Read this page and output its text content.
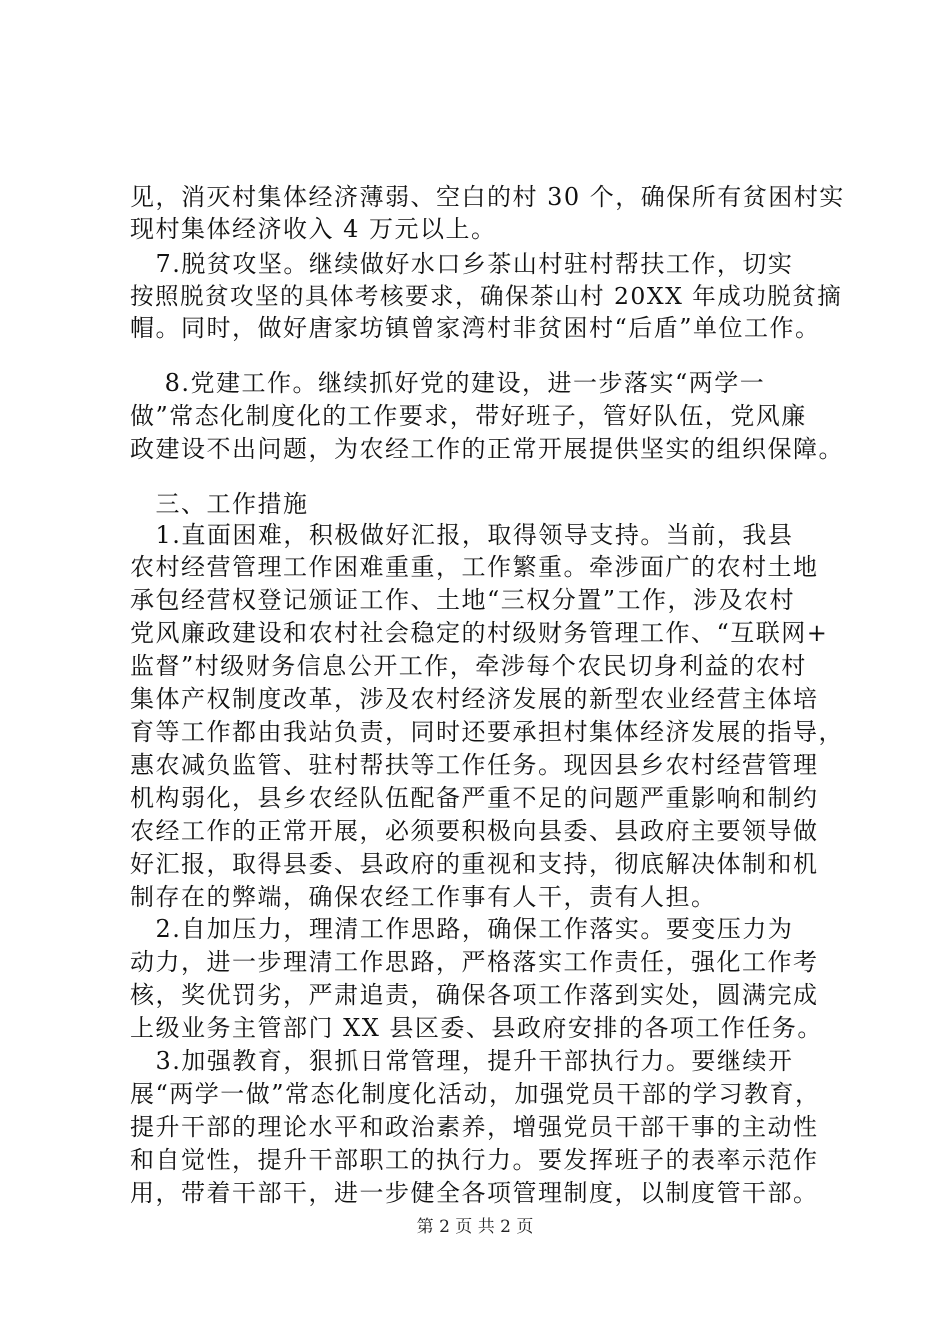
见，消灭村集体经济薄弱、空白的村 30 个，确保所有贫困村实
现村集体经济收入 4 万元以上。
　7.脱贫攻坚。继续做好水口乡茶山村驻村帮扶工作，切实
按照脱贫攻坚的具体考核要求，确保茶山村 20XX 年成功脱贫摘
帽。同时，做好唐家坊镇曾家湾村非贫困村“后盾”单位工作。
　 8.党建工作。继续抓好党的建设，进一步落实“两学一
做”常态化制度化的工作要求，带好班子，管好队伍，党风廉
政建设不出问题，为农经工作的正常开展提供坚实的组织保障。
　三、工作措施
　1.直面困难，积极做好汇报，取得领导支持。当前，我县
农村经营管理工作困难重重，工作繁重。牵涉面广的农村土地
承包经营权登记颁证工作、土地“三权分置”工作，涉及农村
党风廉政建设和农村社会稳定的村级财务管理工作、“互联网+
监督”村级财务信息公开工作，牵涉每个农民切身利益的农村
集体产权制度改革，涉及农村经济发展的新型农业经营主体培
育等工作都由我站负责，同时还要承担村集体经济发展的指导，
惠农减负监管、驻村帮扶等工作任务。现因县乡农村经营管理
机构弱化，县乡农经队伍配备严重不足的问题严重影响和制约
农经工作的正常开展，必须要积极向县委、县政府主要领导做
好汇报，取得县委、县政府的重视和支持，彻底解决体制和机
制存在的弊端，确保农经工作事有人干，责有人担。
　2.自加压力，理清工作思路，确保工作落实。要变压力为
动力，进一步理清工作思路，严格落实工作责任，强化工作考
核，奖优罚劣，严肃追责，确保各项工作落到实处，圆满完成
上级业务主管部门 XX 县区委、县政府安排的各项工作任务。
　3.加强教育，狠抓日常管理，提升干部执行力。要继续开
展“两学一做”常态化制度化活动，加强党员干部的学习教育，
提升干部的理论水平和政治素养，增强党员干部干事的主动性
和自觉性，提升干部职工的执行力。要发挥班子的表率示范作
用，带着干部干，进一步健全各项管理制度，以制度管干部。
第 2 页 共 2 页
